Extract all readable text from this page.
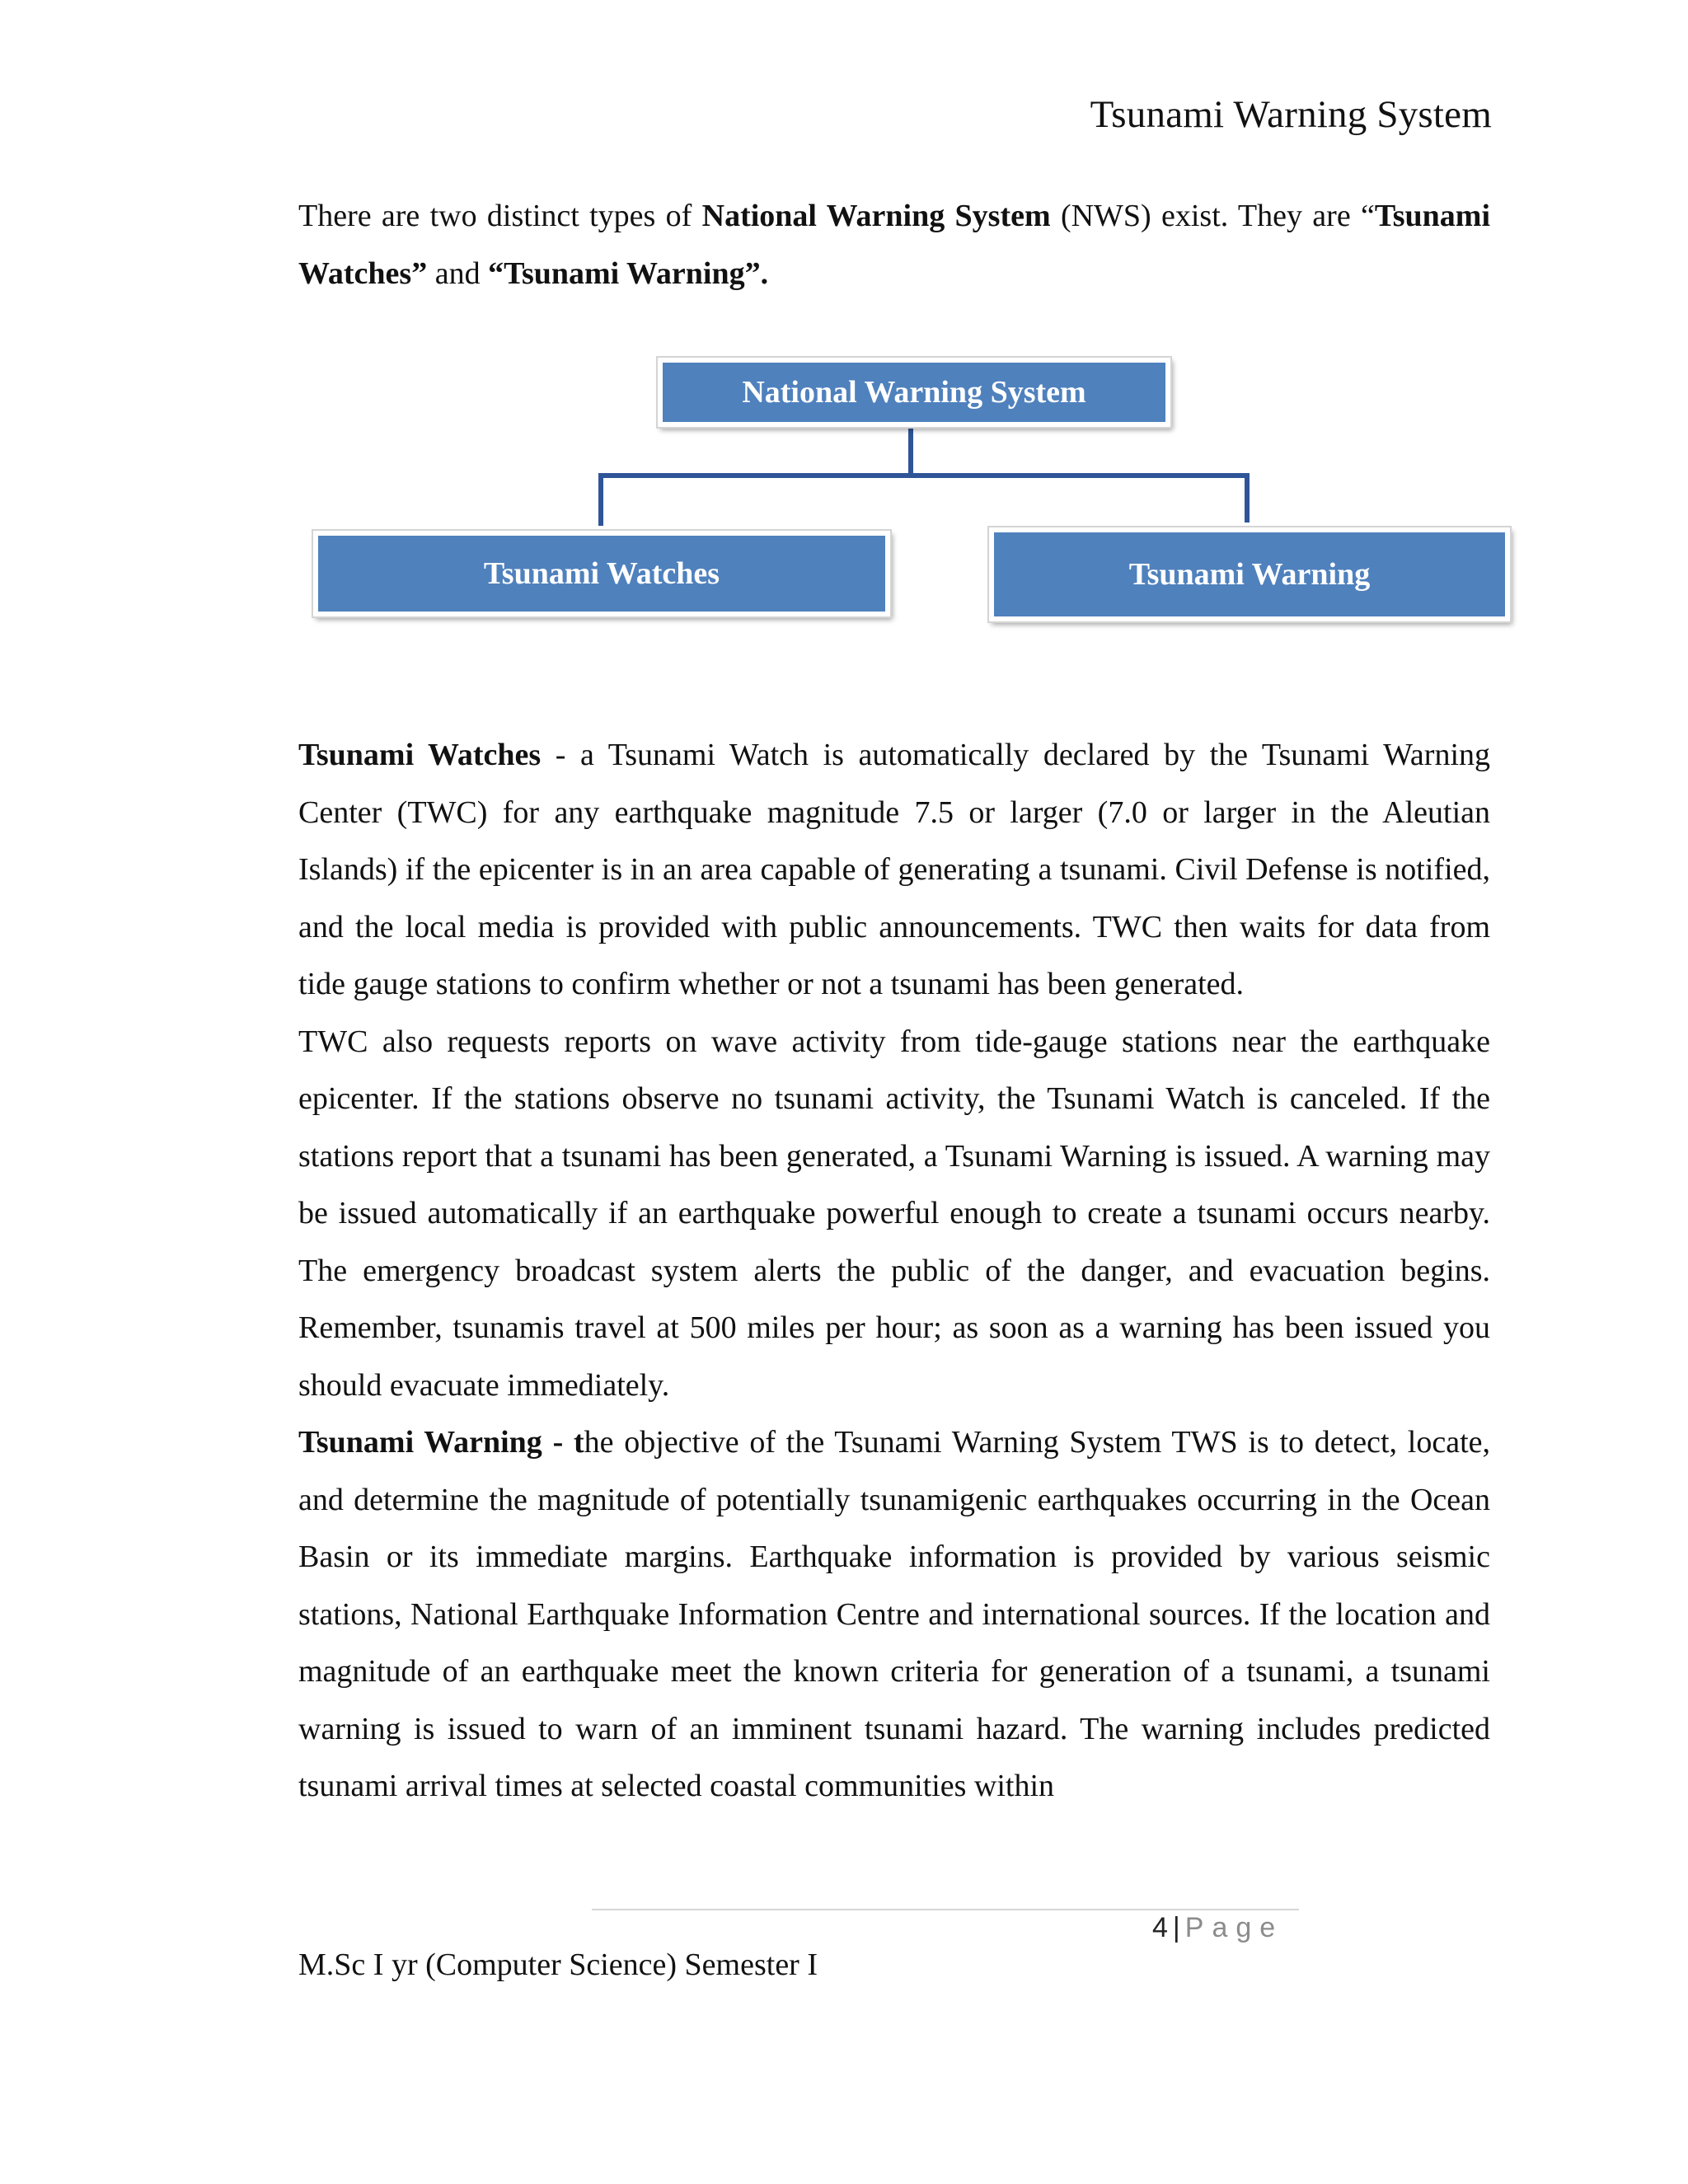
Tsunami Warning System
There are two distinct types of National Warning System (NWS) exist. They are “Tsunami Watches” and “Tsunami Warning”.
National Warning System
Tsunami Watches	Tsunami Warning
Tsunami Watches - a Tsunami Watch is automatically declared by the Tsunami Warning Center (TWC) for any earthquake magnitude 7.5 or larger (7.0 or larger in the Aleutian Islands) if the epicenter is in an area capable of generating a tsunami. Civil Defense is notified, and the local media is provided with public announcements. TWC then waits for data from tide gauge stations to confirm whether or not a tsunami has been generated.
TWC also requests reports on wave activity from tide-gauge stations near the earthquake epicenter. If the stations observe no tsunami activity, the Tsunami Watch is canceled. If the stations report that a tsunami has been generated, a Tsunami Warning is issued. A warning may be issued automatically if an earthquake powerful enough to create a tsunami occurs nearby. The emergency broadcast system alerts the public of the danger, and evacuation begins. Remember, tsunamis travel at 500 miles per hour; as soon as a warning has been issued you should evacuate immediately.
Tsunami Warning - the objective of the Tsunami Warning System TWS is to detect, locate, and determine the magnitude of potentially tsunamigenic earthquakes occurring in the Ocean Basin or its immediate margins. Earthquake information is provided by various seismic stations, National Earthquake Information Centre and international sources. If the location and magnitude of an earthquake meet the known criteria for generation of a tsunami, a tsunami warning is issued to warn of an imminent tsunami hazard. The warning includes predicted tsunami arrival times at selected coastal communities within
4 | Page
M.Sc I yr (Computer Science) Semester I
